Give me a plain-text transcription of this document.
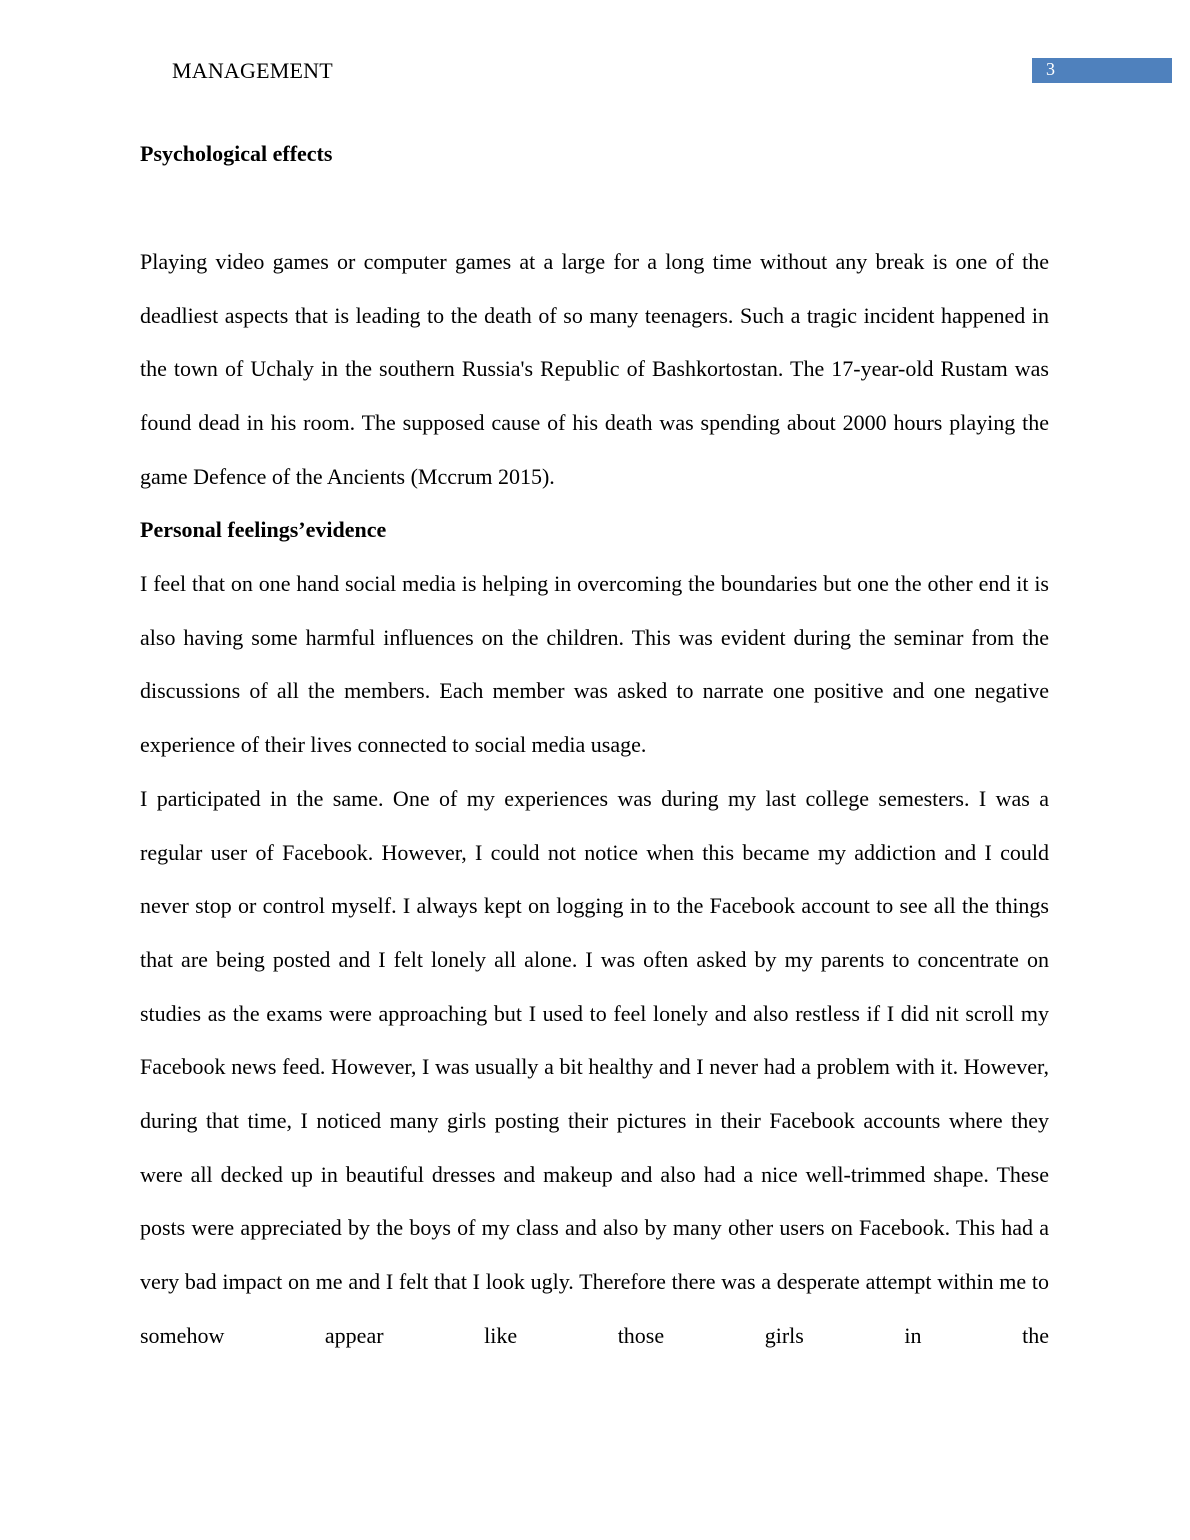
MANAGEMENT	3
Psychological effects

Playing video games or computer games at a large for a long time without any break is one of the deadliest aspects that is leading to the death of so many teenagers. Such a tragic incident happened in the town of Uchaly in the southern Russia's Republic of Bashkortostan. The 17-year-old Rustam was found dead in his room. The supposed cause of his death was spending about 2000 hours playing the game Defence of the Ancients (Mccrum 2015).

Personal feelings’evidence

I feel that on one hand social media is helping in overcoming the boundaries but one the other end it is also having some harmful influences on the children. This was evident during the seminar from the discussions of all the members. Each member was asked to narrate one positive and one negative experience of their lives connected to social media usage.

I participated in the same. One of my experiences was during my last college semesters. I was a regular user of Facebook. However, I could not notice when this became my addiction and I could never stop or control myself. I always kept on logging in to the Facebook account to see all the things that are being posted and I felt lonely all alone. I was often asked by my parents to concentrate on studies as the exams were approaching but I used to feel lonely and also restless if I did nit scroll my Facebook news feed. However, I was usually a bit healthy and I never had a problem with it. However, during that time, I noticed many girls posting their pictures in their Facebook accounts where they were all decked up in beautiful dresses and makeup and also had a nice well-trimmed shape. These posts were appreciated by the boys of my class and also by many other users on Facebook. This had a very bad impact on me and I felt that I look ugly. Therefore there was a desperate attempt within me to somehow appear like those girls in the
